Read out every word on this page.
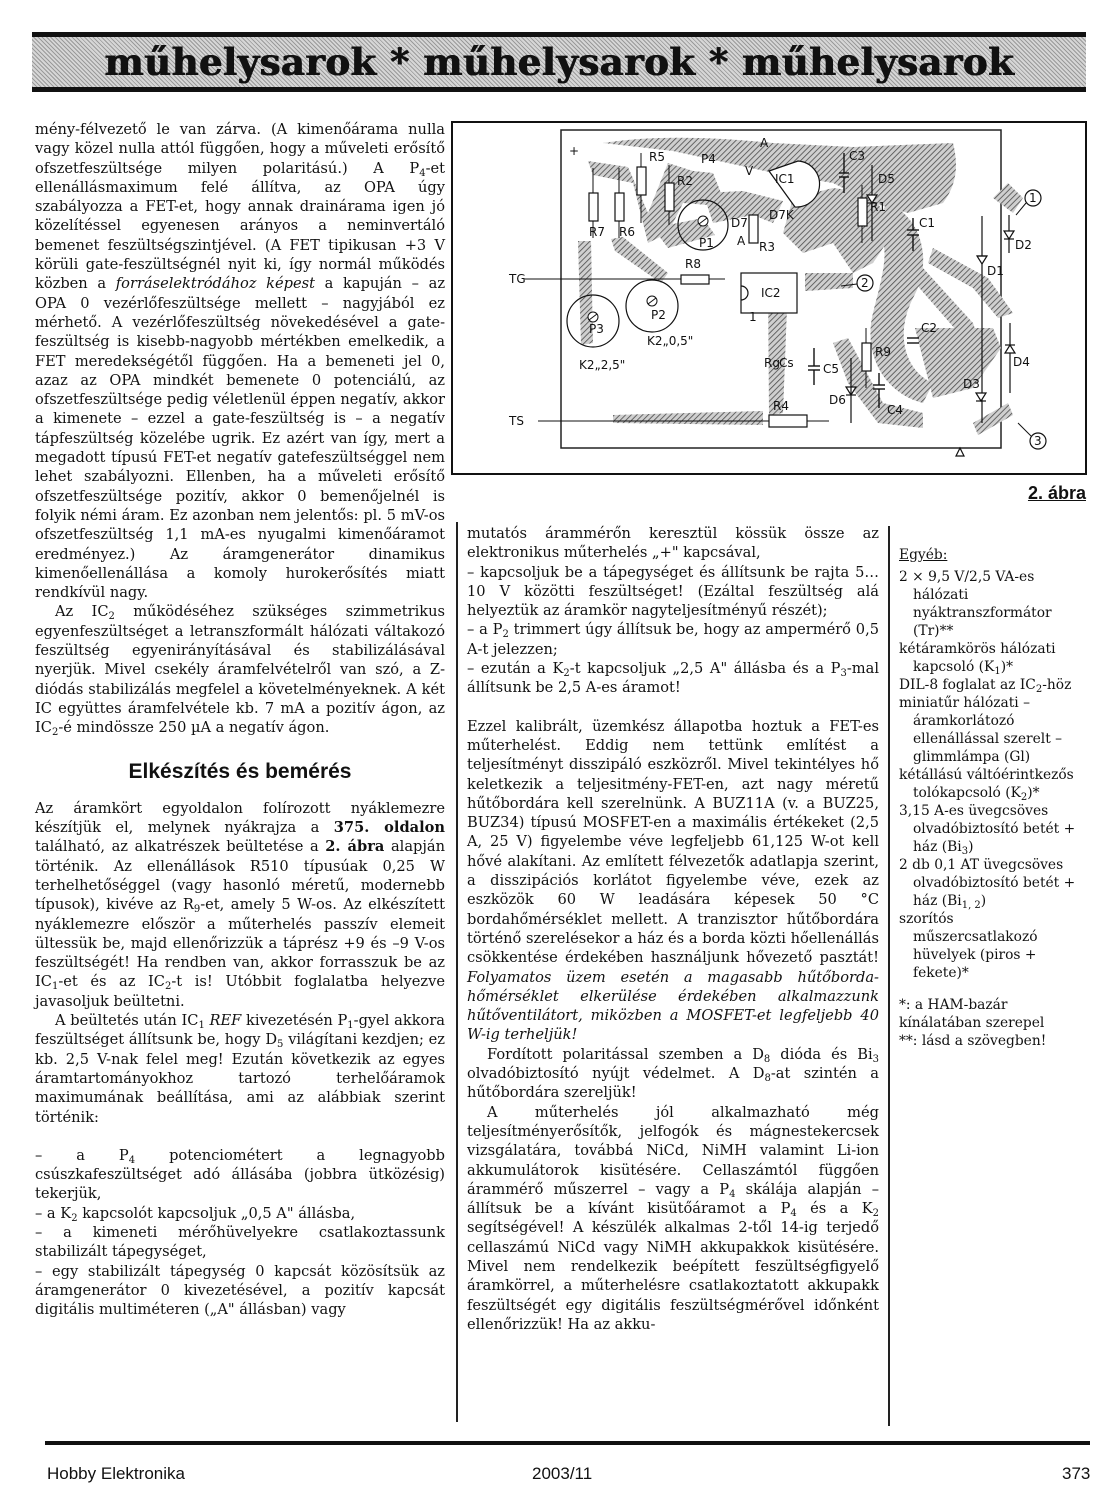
műhelysarok * műhelysarok * műhelysarok
+	R5	P4
V
A
IC1
C3
D5
R2
R7 R6
P1
D7
A
D7K
R3
R1
C1
D2
D1
1
2
3
TG
R8
IC2
1
P3
P2
K2„2,5"
K2„0,5"
Rg Cs C5
R9
C2
D4
D3
D6
C4
TS
R4
2. ábra

mény-félvezető le van zárva. (A kimenőárama nulla vagy közel nulla attól függően, hogy a műveleti erősítő ofszetfeszültsége milyen polaritású.) A $P_4-et$ ellenállásmaximum felé állítva, az OPA úgy szabályozza a FET-et, hogy annak drainárama igen jó közelítéssel egyenesen arányos a neminvertáló bemenet feszültségszintjével. (A FET tipikusan +3 V körüli gate-feszültségnél nyit ki, így normál működés közben a forráselektródához képest a kapuján – az OPA 0 vezérlőfeszültsége mellett – nagyjából ez mérhető. A vezérlőfeszültség növekedésével a gate-feszültség is kisebb-nagyobb mértékben emelkedik, a FET meredekségétől függően. Ha a bemeneti jel 0, azaz az OPA mindkét bemenete 0 potenciálú, az ofszetfeszültsége pedig véletlenül éppen negatív, akkor a kimenete – ezzel a gate-feszültség is – a negatív tápfeszültség közelébe ugrik. Ez azért van így, mert a megadott típusú FET-et negatív gatefeszültséggel nem lehet szabályozni. Ellenben, ha a műveleti erősítő ofszetfeszültsége pozitív, akkor 0 bemenőjelnél is folyik némi áram. Ez azonban nem jelentős: pl. 5 mV-os ofszetfeszültség 1,1 mA-es nyugalmi kimenőáramot eredményez.) Az áramgenerátor dinamikus kimenőellenállása a komoly hurokerősítés miatt rendkívül nagy.

Az $IC_2$ működéséhez szükséges szimmetrikus egyenfeszültséget a letranszformált hálózati váltakozó feszültség egyenirányításával és stabilizálásával nyerjük. Mivel csekély áramfelvételről van szó, a Z-diódás stabilizálás megfelel a követelményeknek. A két IC együttes áramfelvétele kb. 7 mA a pozitív ágon, az $IC_2-é$ mindössze 250 µA a negatív ágon.

Elkészítés és bemérés

Az áramkört egyoldalon folírozott nyáklemezre készítjük el, melynek nyákrajza a 375. oldalon található, az alkatrészek beültetése a 2. ábra alapján történik. Az ellenállások R510 típusúak 0,25 W terhelhetőséggel (vagy hasonló méretű, modernebb típusok), kivéve az $R_9-et$, amely 5 W-os. Az elkészített nyáklemezre először a műterhelés passzív elemeit ültessük be, majd ellenőrizzük a táprész +9 és –9 V-os feszültségét! Ha rendben van, akkor forrasszuk be az $IC_1-et$ és az $IC_2-t$ is! Utóbbit foglalatba helyezve javasoljuk beültetni.

A beültetés után $IC_1$ REF kivezetésén $P_1$-gyel akkora feszültséget állítsunk be, hogy $D_5$ világítani kezdjen; ez kb. 2,5 V-nak felel meg! Ezután következik az egyes áramtartományokhoz tartozó terhelőáramok maximumának beállítása, ami az alábbiak szerint történik:

– a $P_4$ potenciométert a legnagyobb csúszkafeszültséget adó állásába (jobbra ütközésig) tekerjük,

– a $K_2$ kapcsolót kapcsoljuk „0,5 A" állásba,

– a kimeneti mérőhüvelyekre csatlakoztassunk stabilizált tápegységet,

– egy stabilizált tápegység 0 kapcsát közösítsük az áramgenerátor 0 kivezetésével, a pozitív kapcsát digitális multiméteren („A" állásban) vagy

mutatós árammérőn keresztül kössük össze az elektronikus műterhelés „+" kapcsával,

– kapcsoljuk be a tápegységet és állítsunk be rajta 5…10 V közötti feszültséget! (Ezáltal feszültség alá helyeztük az áramkör nagyteljesítményű részét);

– a $P_2$ trimmert úgy állítsuk be, hogy az ampermérő 0,5 A-t jelezzen;

– ezután a $K_2-t$ kapcsoljuk „2,5 A" állásba és a $P_3$-mal állítsunk be 2,5 A-es áramot!

Ezzel kalibrált, üzemkész állapotba hoztuk a FET-es műterhelést. Eddig nem tettünk említést a teljesítményt disszipáló eszközről. Mivel tekintélyes hő keletkezik a teljesitmény-FET-en, azt nagy méretű hűtőbordára kell szerelnünk. A BUZ11A (v. a BUZ25, BUZ34) típusú MOSFET-en a maximális értékeket (2,5 A, 25 V) figyelembe véve legfeljebb 61,125 W-ot kell hővé alakítani. Az említett félvezetők adatlapja szerint, a disszipációs korlátot figyelembe véve, ezek az eszközök 60 W leadására képesek 50 °C bordahőmérséklet mellett. A tranzisztor hűtőbordára történő szerelésekor a ház és a borda közti hőellenállás csökkentése érdekében használjunk hővezető pasztát! Folyamatos üzem esetén a magasabb hűtőborda-hőmérséklet elkerülése érdekében alkalmazzunk hűtőventilátort, miközben a MOSFET-et legfeljebb 40 W-ig terheljük!

Fordított polaritással szemben a $D_8$ dióda és $Bi_3$ olvadóbiztosító nyújt védelmet. A $D_8-at$ szintén a hűtőbordára szereljük!

A műterhelés jól alkalmazható még teljesítményerősítők, jelfogók és mágnestekercsek vizsgálatára, továbbá NiCd, NiMH valamint Li-ion akkumulátorok kisütésére. Cellaszámtól függően árammérő műszerrel – vagy a $P_4$ skálája alapján – állítsuk be a kívánt kisütőáramot a $P_4$ és a $K_2$ segítségével! A készülék alkalmas 2-től 14-ig terjedő cellaszámú NiCd vagy NiMH akkupakkok kisütésére. Mivel nem rendelkezik beépített feszültségfigyelő áramkörrel, a műterhelésre csatlakoztatott akkupakk feszültségét egy digitális feszültségmérővel időnként ellenőrizzük! Ha az akku-

Egyéb:
2 × 9,5 V/2,5 VA-es hálózati nyáktranszformátor (Tr)**
kétáramkörös hálózati kapcsoló $(K_1)*$
DIL-8 foglalat az $IC_2$-höz
miniatűr hálózati – áramkorlátozó ellenállással szerelt – glimmlámpa (Gl)
kétállású váltóérintkezős tolókapcsoló $(K_2)*$
3,15 A-es üvegcsöves olvadóbiztosító betét + ház $(Bi_3)$
2 db 0,1 AT üvegcsöves olvadóbiztosító betét + ház $(Bi_{1, 2})$
szorítós műszercsatlakozó hüvelyek (piros + fekete)*
*: a HAM-bazár kínálatában szerepel
**: lásd a szövegben!
Hobby Elektronika	2003/11	373
